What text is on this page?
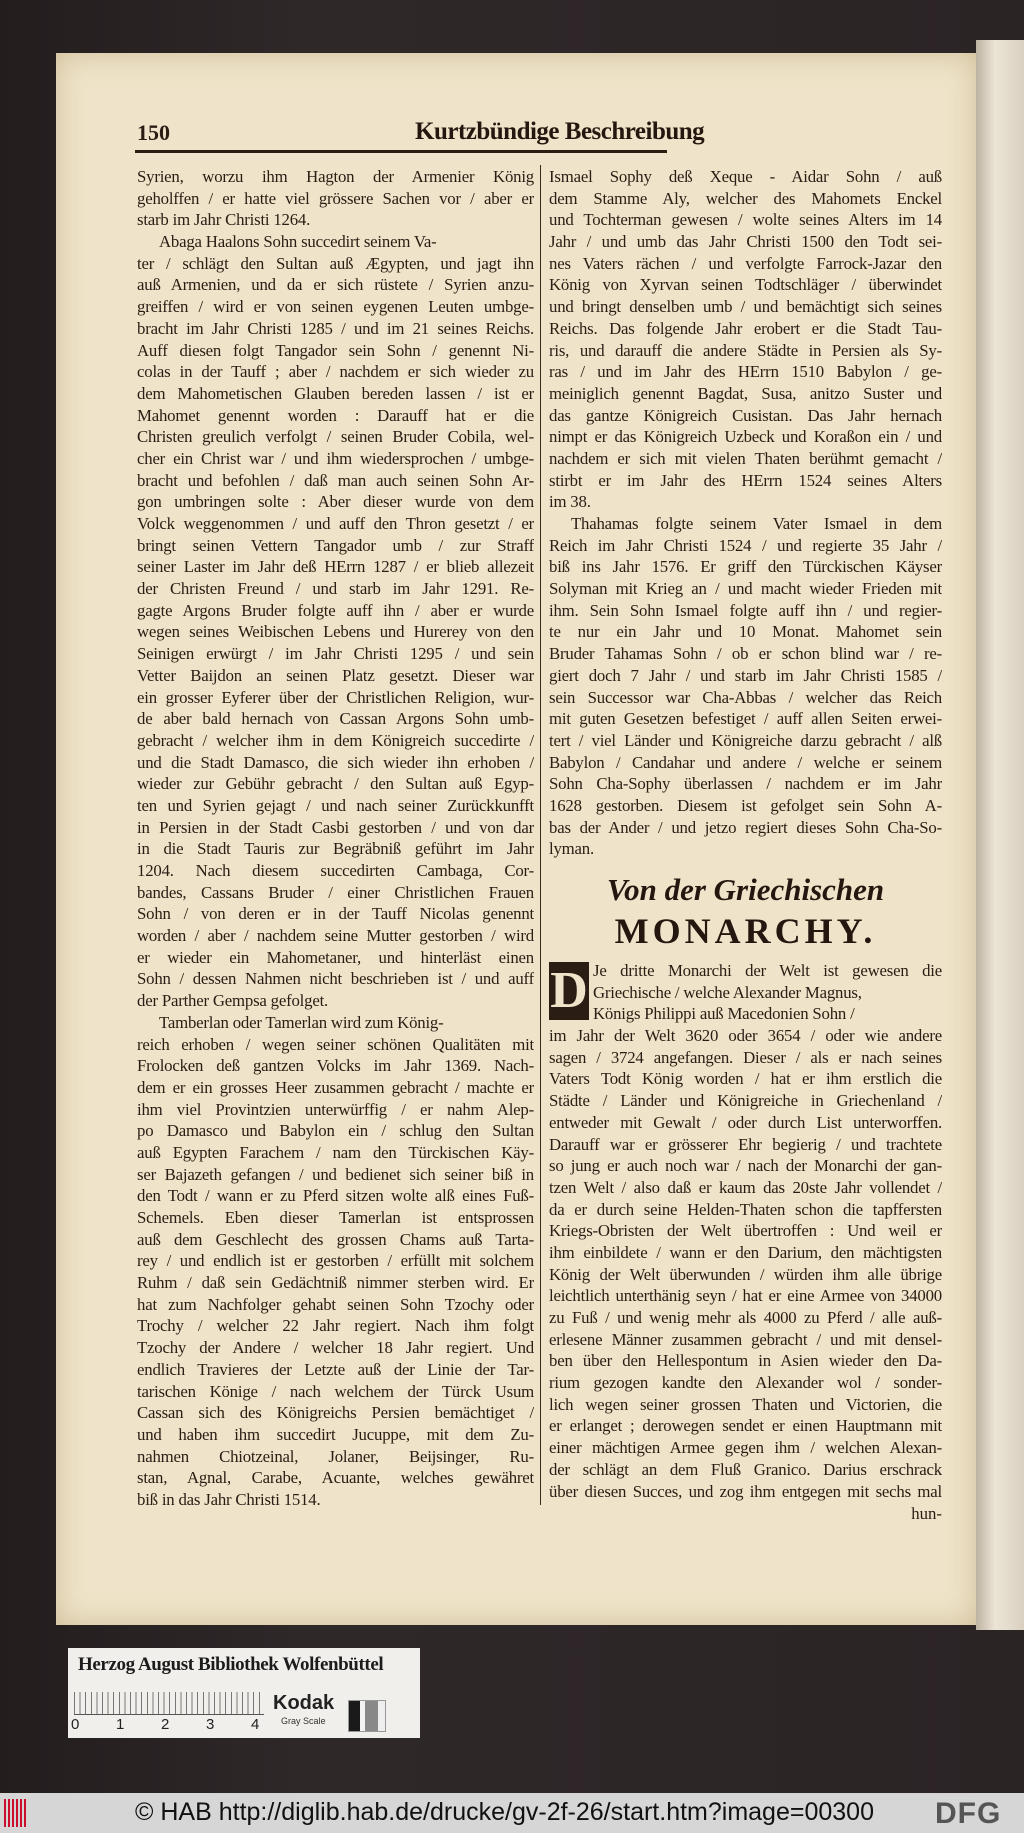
150	Kurtzbündige Beschreibung
Syrien, worzu ihm Hagton der Armenier König
geholffen / er hatte viel grössere Sachen vor / aber er
starb im Jahr Christi 1264.
Abaga Haalons Sohn succedirt seinem Va-
ter / schlägt den Sultan auß Ægypten, und jagt ihn
auß Armenien, und da er sich rüstete / Syrien anzu-
greiffen / wird er von seinen eygenen Leuten umbge-
bracht im Jahr Christi 1285 / und im 21 seines Reichs.
Auff diesen folgt Tangador sein Sohn / genennt Ni-
colas in der Tauff ; aber / nachdem er sich wieder zu
dem Mahometischen Glauben bereden lassen / ist er
Mahomet genennt worden : Darauff hat er die
Christen greulich verfolgt / seinen Bruder Cobila, wel-
cher ein Christ war / und ihm wiedersprochen / umbge-
bracht und befohlen / daß man auch seinen Sohn Ar-
gon umbringen solte : Aber dieser wurde von dem
Volck weggenommen / und auff den Thron gesetzt / er
bringt seinen Vettern Tangador umb / zur Straff
seiner Laster im Jahr deß HErrn 1287 / er blieb allezeit
der Christen Freund / und starb im Jahr 1291. Re-
gagte Argons Bruder folgte auff ihn / aber er wurde
wegen seines Weibischen Lebens und Hurerey von den
Seinigen erwürgt / im Jahr Christi 1295 / und sein
Vetter Baijdon an seinen Platz gesetzt. Dieser war
ein grosser Eyferer über der Christlichen Religion, wur-
de aber bald hernach von Cassan Argons Sohn umb-
gebracht / welcher ihm in dem Königreich succedirte /
und die Stadt Damasco, die sich wieder ihn erhoben /
wieder zur Gebühr gebracht / den Sultan auß Egyp-
ten und Syrien gejagt / und nach seiner Zurückkunfft
in Persien in der Stadt Casbi gestorben / und von dar
in die Stadt Tauris zur Begräbniß geführt im Jahr
1204. Nach diesem succedirten Cambaga, Cor-
bandes, Cassans Bruder / einer Christlichen Frauen
Sohn / von deren er in der Tauff Nicolas genennt
worden / aber / nachdem seine Mutter gestorben / wird
er wieder ein Mahometaner, und hinterläst einen
Sohn / dessen Nahmen nicht beschrieben ist / und auff
der Parther Gempsa gefolget.
Tamberlan oder Tamerlan wird zum König-
reich erhoben / wegen seiner schönen Qualitäten mit
Frolocken deß gantzen Volcks im Jahr 1369. Nach-
dem er ein grosses Heer zusammen gebracht / machte er
ihm viel Provintzien unterwürffig / er nahm Alep-
po Damasco und Babylon ein / schlug den Sultan
auß Egypten Farachem / nam den Türckischen Käy-
ser Bajazeth gefangen / und bedienet sich seiner biß in
den Todt / wann er zu Pferd sitzen wolte alß eines Fuß-
Schemels. Eben dieser Tamerlan ist entsprossen
auß dem Geschlecht des grossen Chams auß Tarta-
rey / und endlich ist er gestorben / erfüllt mit solchem
Ruhm / daß sein Gedächtniß nimmer sterben wird. Er
hat zum Nachfolger gehabt seinen Sohn Tzochy oder
Trochy / welcher 22 Jahr regiert. Nach ihm folgt
Tzochy der Andere / welcher 18 Jahr regiert. Und
endlich Travieres der Letzte auß der Linie der Tar-
tarischen Könige / nach welchem der Türck Usum
Cassan sich des Königreichs Persien bemächtiget /
und haben ihm succedirt Jucuppe, mit dem Zu-
nahmen Chiotzeinal, Jolaner, Beijsinger, Ru-
stan, Agnal, Carabe, Acuante, welches gewähret
biß in das Jahr Christi 1514.
Ismael Sophy deß Xeque - Aidar Sohn / auß
dem Stamme Aly, welcher des Mahomets Enckel
und Tochterman gewesen / wolte seines Alters im 14
Jahr / und umb das Jahr Christi 1500 den Todt sei-
nes Vaters rächen / und verfolgte Farrock-Jazar den
König von Xyrvan seinen Todtschläger / überwindet
und bringt denselben umb / und bemächtigt sich seines
Reichs. Das folgende Jahr erobert er die Stadt Tau-
ris, und darauff die andere Städte in Persien als Sy-
ras / und im Jahr des HErrn 1510 Babylon / ge-
meiniglich genennt Bagdat, Susa, anitzo Suster und
das gantze Königreich Cusistan. Das Jahr hernach
nimpt er das Königreich Uzbeck und Koraßon ein / und
nachdem er sich mit vielen Thaten berühmt gemacht /
stirbt er im Jahr des HErrn 1524 seines Alters
im 38.
Thahamas folgte seinem Vater Ismael in dem
Reich im Jahr Christi 1524 / und regierte 35 Jahr /
biß ins Jahr 1576. Er griff den Türckischen Käyser
Solyman mit Krieg an / und macht wieder Frieden mit
ihm. Sein Sohn Ismael folgte auff ihn / und regier-
te nur ein Jahr und 10 Monat. Mahomet sein
Bruder Tahamas Sohn / ob er schon blind war / re-
giert doch 7 Jahr / und starb im Jahr Christi 1585 /
sein Successor war Cha-Abbas / welcher das Reich
mit guten Gesetzen befestiget / auff allen Seiten erwei-
tert / viel Länder und Königreiche darzu gebracht / alß
Babylon / Candahar und andere / welche er seinem
Sohn Cha-Sophy überlassen / nachdem er im Jahr
1628 gestorben. Diesem ist gefolget sein Sohn A-
bas der Ander / und jetzo regiert dieses Sohn Cha-So-
lyman.
Von der Griechischen
MONARCHY.
D Je dritte Monarchi der Welt ist gewesen die
Griechische / welche Alexander Magnus,
Königs Philippi auß Macedonien Sohn /
im Jahr der Welt 3620 oder 3654 / oder wie andere
sagen / 3724 angefangen. Dieser / als er nach seines
Vaters Todt König worden / hat er ihm erstlich die
Städte / Länder und Königreiche in Griechenland /
entweder mit Gewalt / oder durch List unterworffen.
Darauff war er grösserer Ehr begierig / und trachtete
so jung er auch noch war / nach der Monarchi der gan-
tzen Welt / also daß er kaum das 20ste Jahr vollendet /
da er durch seine Helden-Thaten schon die tapffersten
Kriegs-Obristen der Welt übertroffen : Und weil er
ihm einbildete / wann er den Darium, den mächtigsten
König der Welt überwunden / würden ihm alle übrige
leichtlich unterthänig seyn / hat er eine Armee von 34000
zu Fuß / und wenig mehr als 4000 zu Pferd / alle auß-
erlesene Männer zusammen gebracht / und mit densel-
ben über den Hellespontum in Asien wieder den Da-
rium gezogen kandte den Alexander wol / sonder-
lich wegen seiner grossen Thaten und Victorien, die
er erlanget ; derowegen sendet er einen Hauptmann mit
einer mächtigen Armee gegen ihm / welchen Alexan-
der schlägt an dem Fluß Granico. Darius erschrack
über diesen Succes, und zog ihm entgegen mit sechs mal
hun-
Herzog August Bibliothek Wolfenbüttel
0 1 2 3 4
Kodak
Gray Scale
© HAB http://diglib.hab.de/drucke/gv-2f-26/start.htm?image=00300 DFG
